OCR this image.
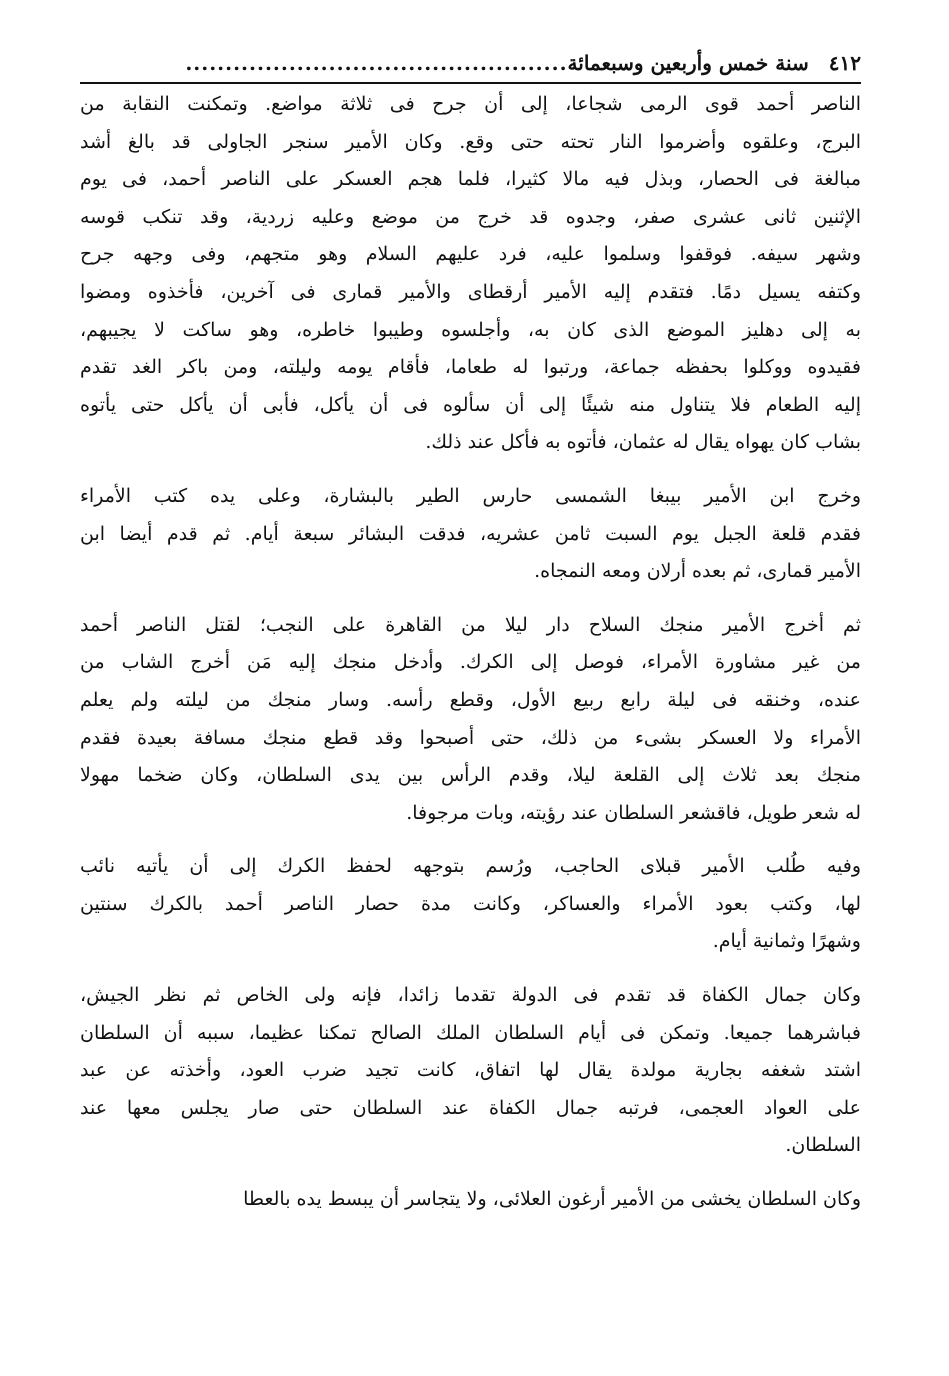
٤١٢
سنة خمس وأربعين وسبعمائة
................................................
الناصر أحمد قوى الرمى شجاعا، إلى أن جرح فى ثلاثة مواضع. وتمكنت النقابة من
البرج، وعلقوه وأضرموا النار تحته حتى وقع. وكان الأمير سنجر الجاولى قد بالغ أشد
مبالغة فى الحصار، وبذل فيه مالا كثيرا، فلما هجم العسكر على الناصر أحمد، فى يوم
الإثنين ثانى عشرى صفر، وجدوه قد خرج من موضع وعليه زردية، وقد تنكب قوسه
وشهر سيفه. فوقفوا وسلموا عليه، فرد عليهم السلام وهو متجهم، وفى وجهه جرح
وكتفه يسيل دمًا. فتقدم إليه الأمير أرقطاى والأمير قمارى فى آخرين، فأخذوه ومضوا
به إلى دهليز الموضع الذى كان به، وأجلسوه وطيبوا خاطره، وهو ساكت لا يجيبهم،
فقيدوه ووكلوا بحفظه جماعة، ورتبوا له طعاما، فأقام يومه وليلته، ومن باكر الغد تقدم
إليه الطعام فلا يتناول منه شيئًا إلى أن سألوه فى أن يأكل، فأبى أن يأكل حتى يأتوه
بشاب كان يهواه يقال له عثمان، فأتوه به فأكل عند ذلك.
وخرج ابن الأمير بيبغا الشمسى حارس الطير بالبشارة، وعلى يده كتب الأمراء
فقدم قلعة الجبل يوم السبت ثامن عشريه، فدقت البشائر سبعة أيام. ثم قدم أيضا ابن
الأمير قمارى، ثم بعده أرلان ومعه النمجاه.
ثم أخرج الأمير منجك السلاح دار ليلا من القاهرة على النجب؛ لقتل الناصر أحمد
من غير مشاورة الأمراء، فوصل إلى الكرك. وأدخل منجك إليه مَن أخرج الشاب من
عنده، وخنقه فى ليلة رابع ربيع الأول، وقطع رأسه. وسار منجك من ليلته ولم يعلم
الأمراء ولا العسكر بشىء من ذلك، حتى أصبحوا وقد قطع منجك مسافة بعيدة فقدم
منجك بعد ثلاث إلى القلعة ليلا، وقدم الرأس بين يدى السلطان، وكان ضخما مهولا
له شعر طويل، فاقشعر السلطان عند رؤيته، وبات مرجوفا.
وفيه طُلب الأمير قبلاى الحاجب، ورُسم بتوجهه لحفظ الكرك إلى أن يأتيه نائب
لها، وكتب بعود الأمراء والعساكر، وكانت مدة حصار الناصر أحمد بالكرك سنتين
وشهرًا وثمانية أيام.
وكان جمال الكفاة قد تقدم فى الدولة تقدما زائدا، فإنه ولى الخاص ثم نظر الجيش،
فباشرهما جميعا. وتمكن فى أيام السلطان الملك الصالح تمكنا عظيما، سببه أن السلطان
اشتد شغفه بجارية مولدة يقال لها اتفاق، كانت تجيد ضرب العود، وأخذته عن عبد
على العواد العجمى، فرتبه جمال الكفاة عند السلطان حتى صار يجلس معها عند
السلطان.
وكان السلطان يخشى من الأمير أرغون العلائى، ولا يتجاسر أن يبسط يده بالعطا
